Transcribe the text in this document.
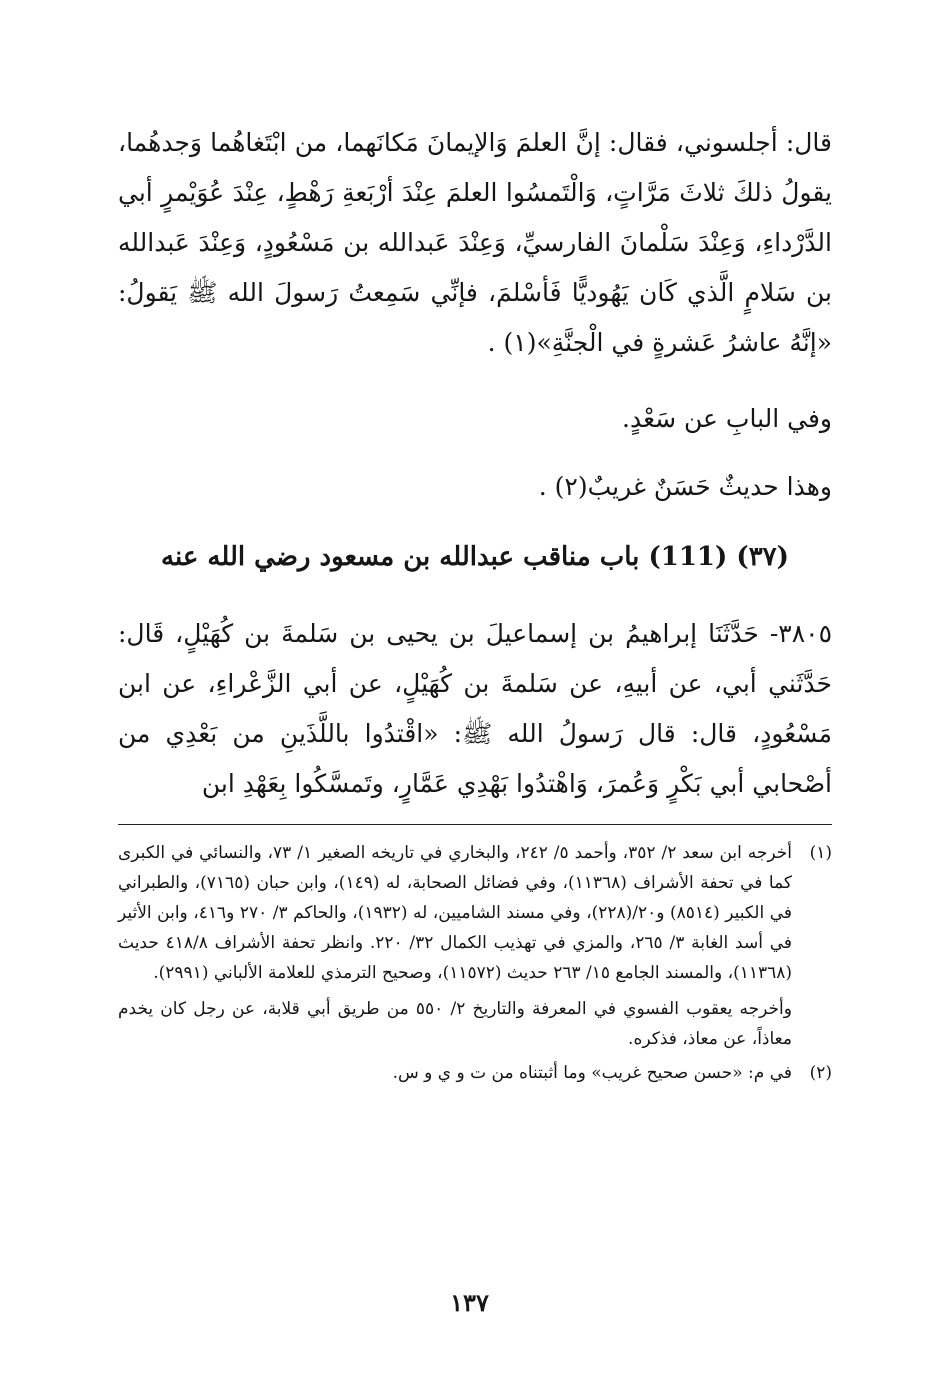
قال: أجلسوني، فقال: إنَّ العلمَ وَالإيمانَ مَكانَهما، من ابْتَغاهُما وَجدهُما، يقولُ ذلكَ ثلاثَ مَرَّاتٍ، وَالْتَمسُوا العلمَ عِنْدَ أرْبَعةِ رَهْطٍ، عِنْدَ عُوَيْمرٍ أبي الدَّرْداءِ، وَعِنْدَ سَلْمانَ الفارسيِّ، وَعِنْدَ عَبدالله بن مَسْعُودٍ، وَعِنْدَ عَبدالله بن سَلامٍ الَّذي كَان يَهُوديًّا فَأسْلمَ، فإنِّي سَمِعتُ رَسولَ الله ﷺ يَقولُ: «إنَّهُ عاشرُ عَشرةٍ في الْجنَّةِ»(١) .

وفي البابِ عن سَعْدٍ.

وهذا حديثٌ حَسَنٌ غريبٌ(٢) .

(٣٧) (111) باب مناقب عبدالله بن مسعود رضي الله عنه

٣٨٠٥- حَدَّثَنَا إبراهيمُ بن إسماعيلَ بن يحيى بن سَلمةَ بن كُهَيْلٍ، قَال: حَدَّثَني أبي، عن أبيهِ، عن سَلمةَ بن كُهَيْلٍ، عن أبي الزَّعْراءِ، عن ابن مَسْعُودٍ، قال: قال رَسولُ الله ﷺ: «اقْتدُوا باللَّذَينِ من بَعْدِي من أصْحابي أبي بَكْرٍ وَعُمرَ، وَاهْتدُوا بَهْدِي عَمَّارٍ، وتَمسَّكُوا بِعَهْدِ ابن

(١)

أخرجه ابن سعد ٢/ ٣٥٢، وأحمد ٥/ ٢٤٢، والبخاري في تاريخه الصغير ١/ ٧٣، والنسائي في الكبرى كما في تحفة الأشراف (١١٣٦٨)، وفي فضائل الصحابة، له (١٤٩)، وابن حبان (٧١٦٥)، والطبراني في الكبير (٨٥١٤) و٢٠/(٢٢٨)، وفي مسند الشاميين، له (١٩٣٢)، والحاكم ٣/ ٢٧٠ و٤١٦، وابن الأثير في أسد الغابة ٣/ ٢٦٥، والمزي في تهذيب الكمال ٣٢/ ٢٢٠. وانظر تحفة الأشراف ٤١٨/٨ حديث (١١٣٦٨)، والمسند الجامع ١٥/ ٢٦٣ حديث (١١٥٧٢)، وصحيح الترمذي للعلامة الألباني (٢٩٩١).

وأخرجه يعقوب الفسوي في المعرفة والتاريخ ٢/ ٥٥٠ من طريق أبي قلابة، عن رجل كان يخدم معاذاً، عن معاذ، فذكره.

(٢)

في م: «حسن صحيح غريب» وما أثبتناه من ت و ي و س.

١٣٧
